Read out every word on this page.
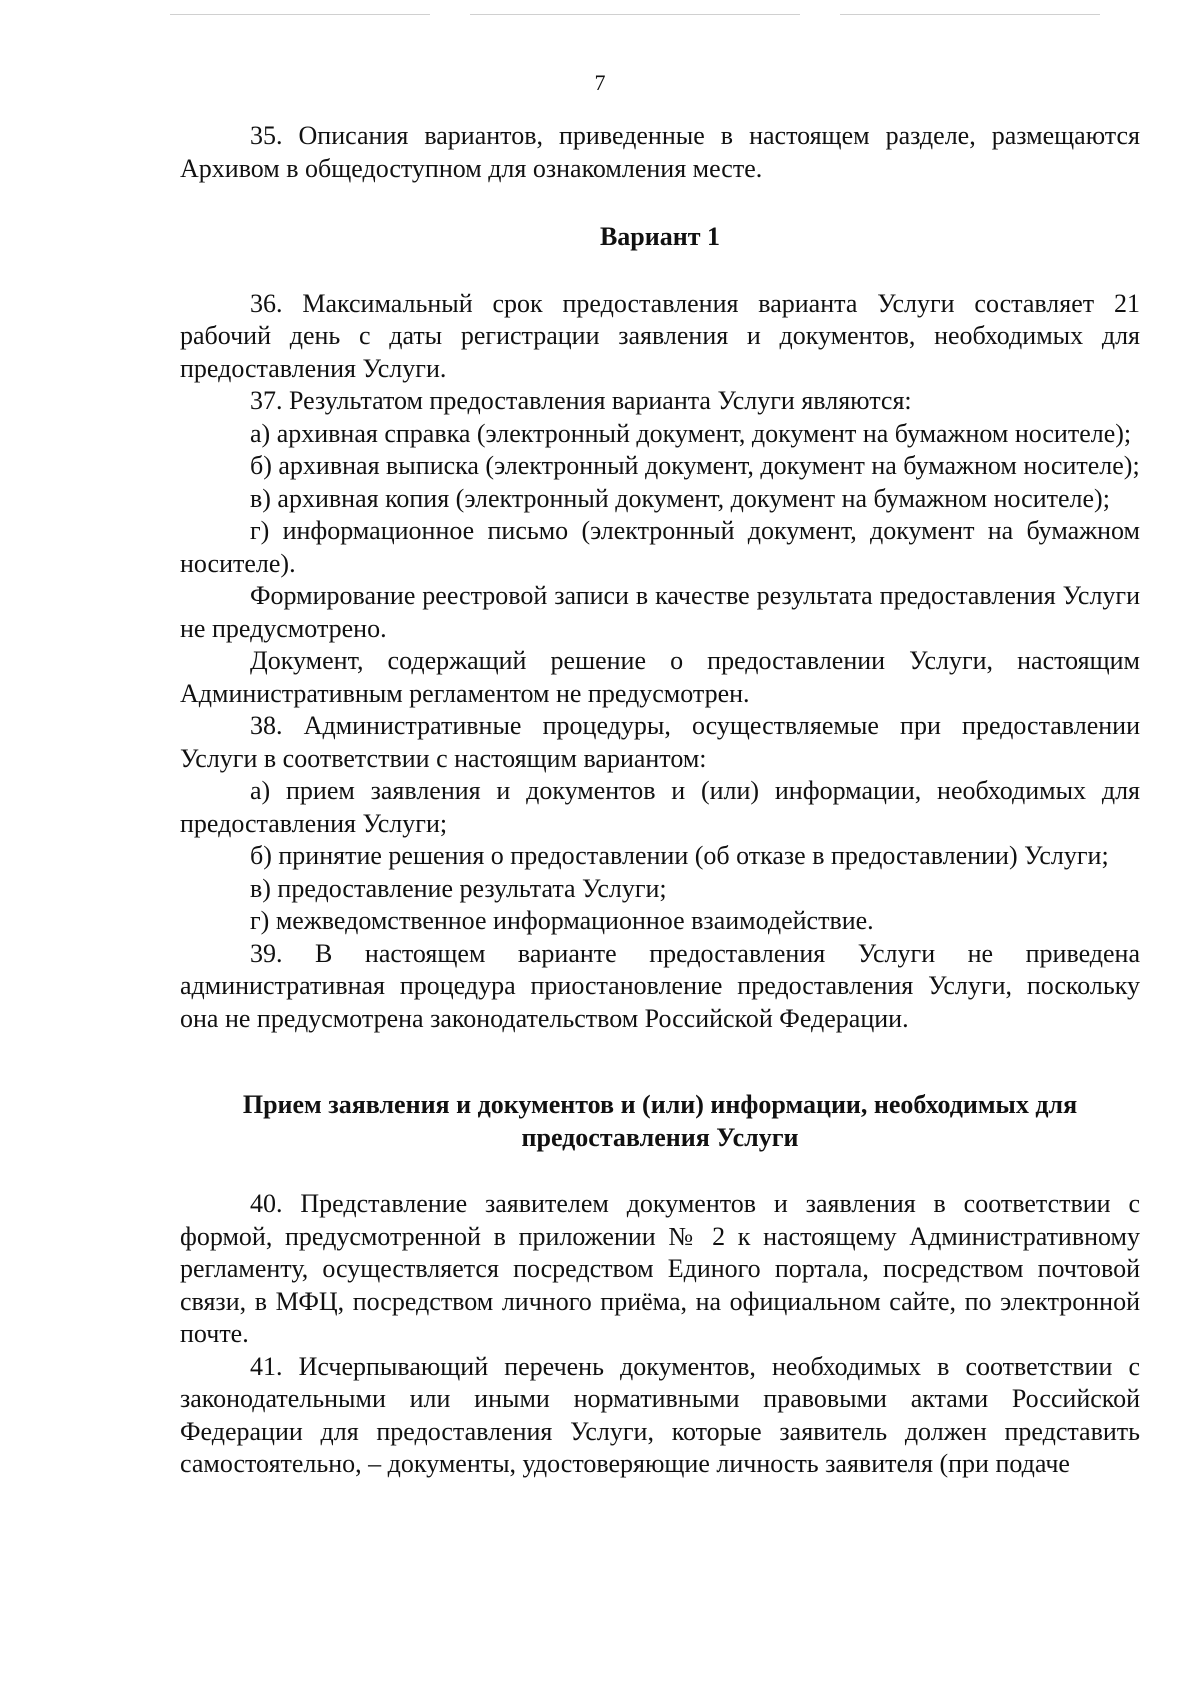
7

35. Описания вариантов, приведенные в настоящем разделе, размещаются Архивом в общедоступном для ознакомления месте.

Вариант 1

36. Максимальный срок предоставления варианта Услуги составляет 21 рабочий день с даты регистрации заявления и документов, необходимых для предоставления Услуги.

37. Результатом предоставления варианта Услуги являются:

а) архивная справка (электронный документ, документ на бумажном носителе);

б) архивная выписка (электронный документ, документ на бумажном носителе);

в) архивная копия (электронный документ, документ на бумажном носителе);

г) информационное письмо (электронный документ, документ на бумажном носителе).

Формирование реестровой записи в качестве результата предоставления Услуги не предусмотрено.

Документ, содержащий решение о предоставлении Услуги, настоящим Административным регламентом не предусмотрен.

38. Административные процедуры, осуществляемые при предоставлении Услуги в соответствии с настоящим вариантом:

а) прием заявления и документов и (или) информации, необходимых для предоставления Услуги;

б) принятие решения о предоставлении (об отказе в предоставлении) Услуги;

в) предоставление результата Услуги;

г) межведомственное информационное взаимодействие.

39. В настоящем варианте предоставления Услуги не приведена административная процедура приостановление предоставления Услуги, поскольку она не предусмотрена законодательством Российской Федерации.

Прием заявления и документов и (или) информации, необходимых для
предоставления Услуги

40. Представление заявителем документов и заявления в соответствии с формой, предусмотренной в приложении № 2 к настоящему Административному регламенту, осуществляется посредством Единого портала, посредством почтовой связи, в МФЦ, посредством личного приёма, на официальном сайте, по электронной почте.

41. Исчерпывающий перечень документов, необходимых в соответствии с законодательными или иными нормативными правовыми актами Российской Федерации для предоставления Услуги, которые заявитель должен представить самостоятельно, – документы, удостоверяющие личность заявителя (при подаче
